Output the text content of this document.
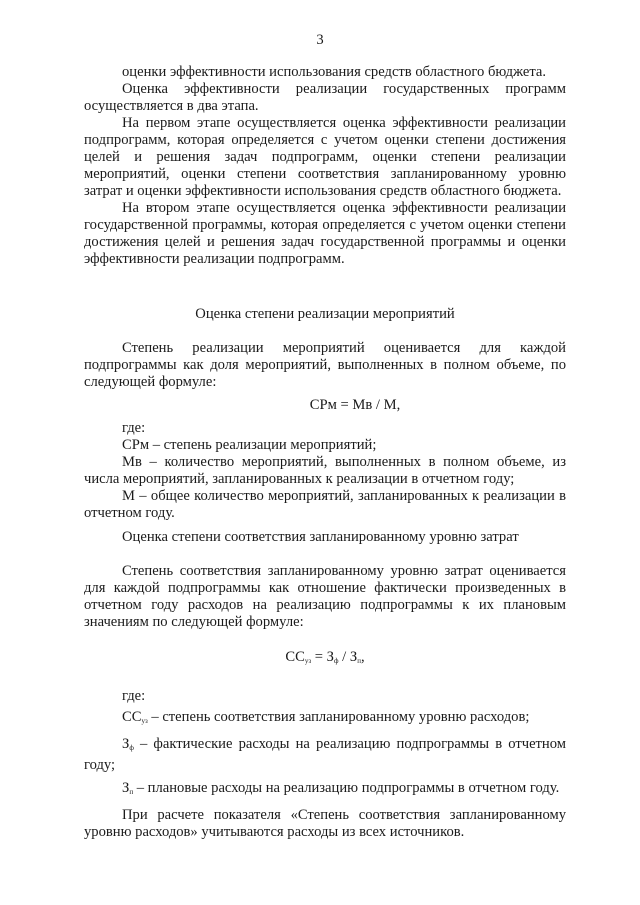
3

оценки эффективности использования средств областного бюджета.

Оценка эффективности реализации государственных программ осуществляется в два этапа.

На первом этапе осуществляется оценка эффективности реализации подпрограмм, которая определяется с учетом оценки степени достижения целей и решения задач подпрограмм, оценки степени реализации мероприятий, оценки степени соответствия запланированному уровню затрат и оценки эффективности использования средств областного бюджета.

На втором этапе осуществляется оценка эффективности реализации государственной программы, которая определяется с учетом оценки степени достижения целей и решения задач государственной программы и оценки эффективности реализации подпрограмм.

Оценка степени реализации мероприятий

Степень реализации мероприятий оценивается для каждой подпрограммы как доля мероприятий, выполненных в полном объеме, по следующей формуле:

СРм = Мв / М,

где:

СРм – степень реализации мероприятий;

Мв – количество мероприятий, выполненных в полном объеме, из числа мероприятий, запланированных к реализации в отчетном году;

М – общее количество мероприятий, запланированных к реализации в отчетном году.

Оценка степени соответствия запланированному уровню затрат

Степень соответствия запланированному уровню затрат оценивается для каждой подпрограммы как отношение фактически произведенных в отчетном году расходов на реализацию подпрограммы к их плановым значениям по следующей формуле:

$СС_{уз} = З_ф / З_п$,

где:

$СС_{уз}$ – степень соответствия запланированному уровню расходов;

$З_ф$ – фактические расходы на реализацию подпрограммы в отчетном году;

$З_п$ – плановые расходы на реализацию подпрограммы в отчетном году.

При расчете показателя «Степень соответствия запланированному уровню расходов» учитываются расходы из всех источников.
